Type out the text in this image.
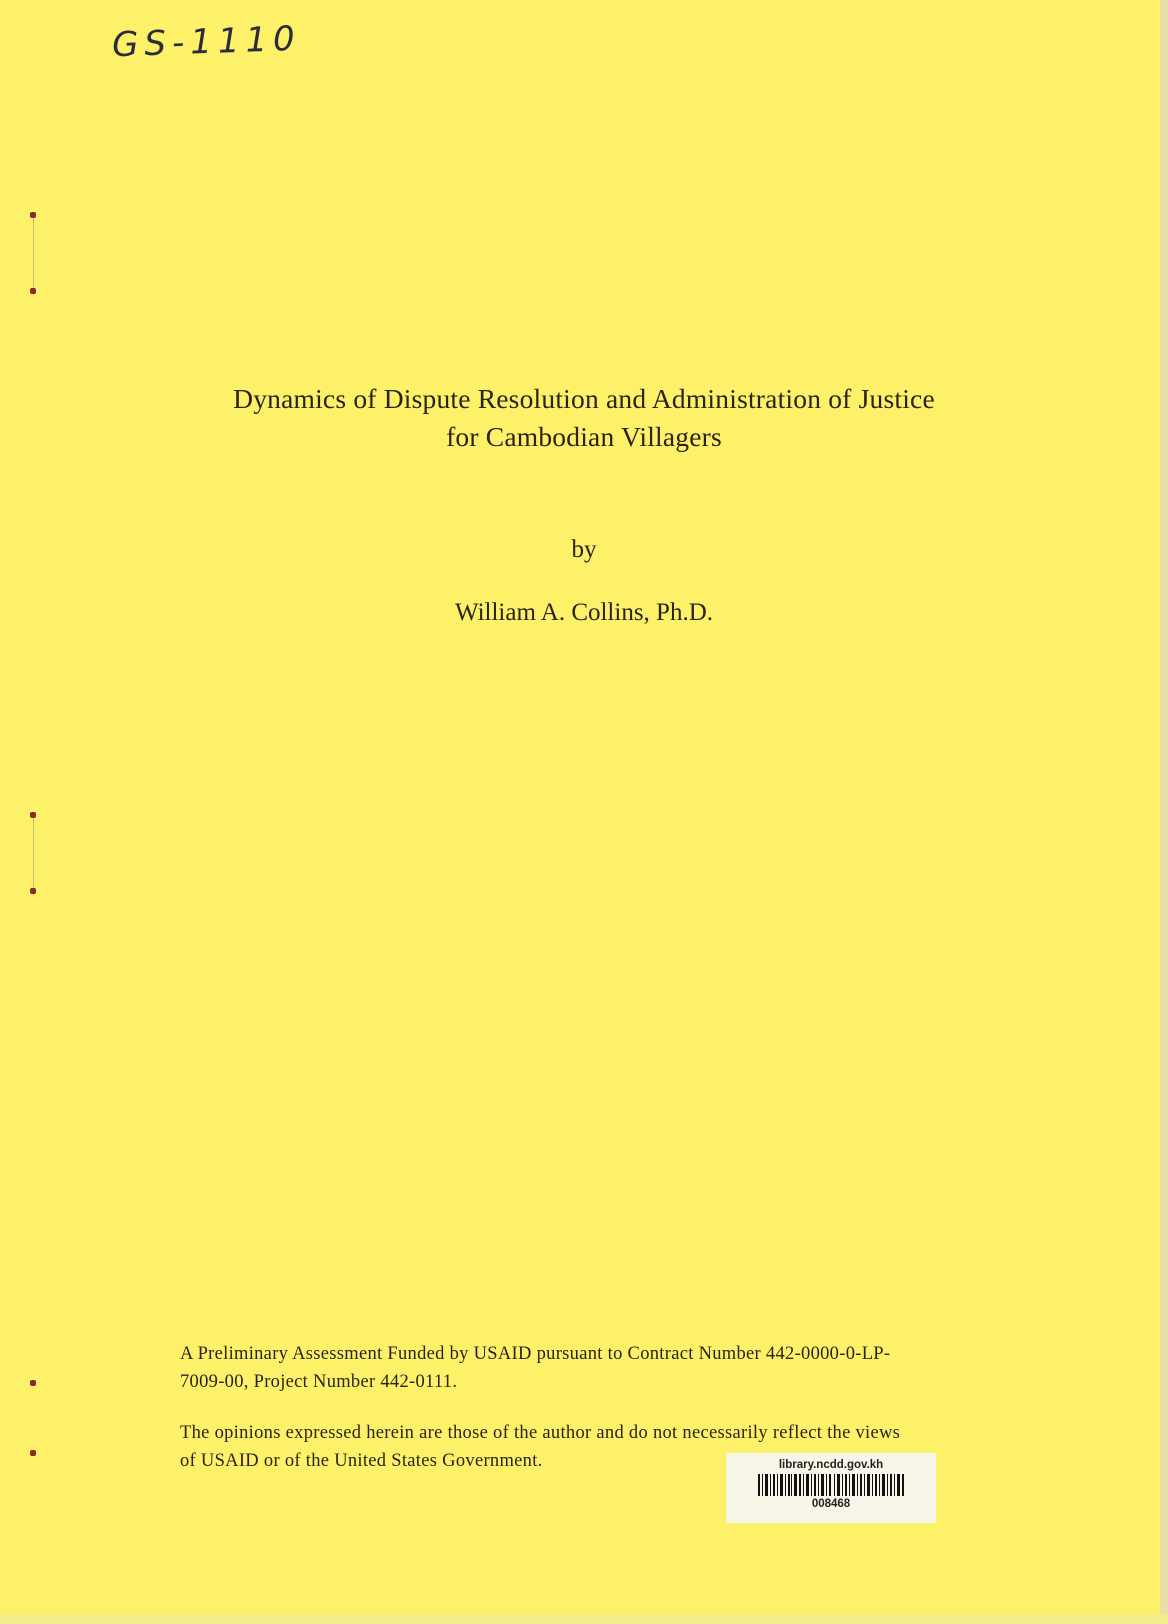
GS-1110
Dynamics of Dispute Resolution and Administration of Justice
for Cambodian Villagers
by
William A. Collins, Ph.D.
A Preliminary Assessment Funded by USAID pursuant to Contract Number 442-0000-0-LP-
7009-00, Project Number 442-0111.
The opinions expressed herein are those of the author and do not necessarily reflect the views
of USAID or of the United States Government.	library.ncdd.gov.kh
008468
